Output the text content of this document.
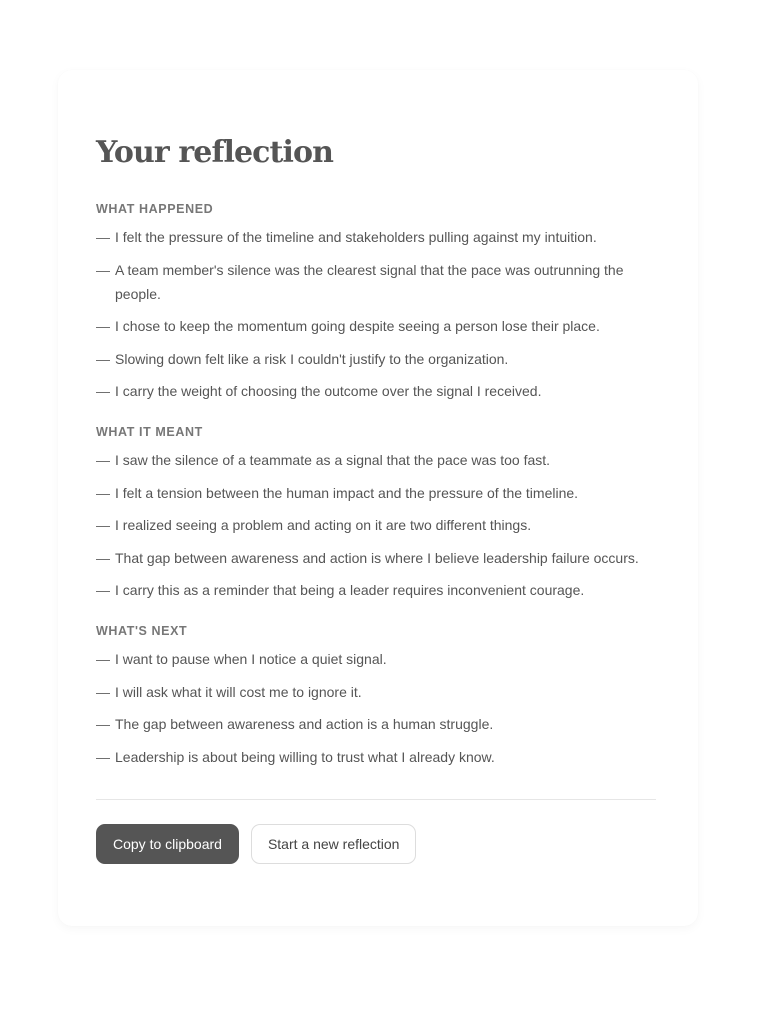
Your reflection
WHAT HAPPENED
— I felt the pressure of the timeline and stakeholders pulling against my intuition.
— A team member's silence was the clearest signal that the pace was outrunning the people.
— I chose to keep the momentum going despite seeing a person lose their place.
— Slowing down felt like a risk I couldn't justify to the organization.
— I carry the weight of choosing the outcome over the signal I received.
WHAT IT MEANT
— I saw the silence of a teammate as a signal that the pace was too fast.
— I felt a tension between the human impact and the pressure of the timeline.
— I realized seeing a problem and acting on it are two different things.
— That gap between awareness and action is where I believe leadership failure occurs.
— I carry this as a reminder that being a leader requires inconvenient courage.
WHAT'S NEXT
— I want to pause when I notice a quiet signal.
— I will ask what it will cost me to ignore it.
— The gap between awareness and action is a human struggle.
— Leadership is about being willing to trust what I already know.
Copy to clipboard	Start a new reflection
